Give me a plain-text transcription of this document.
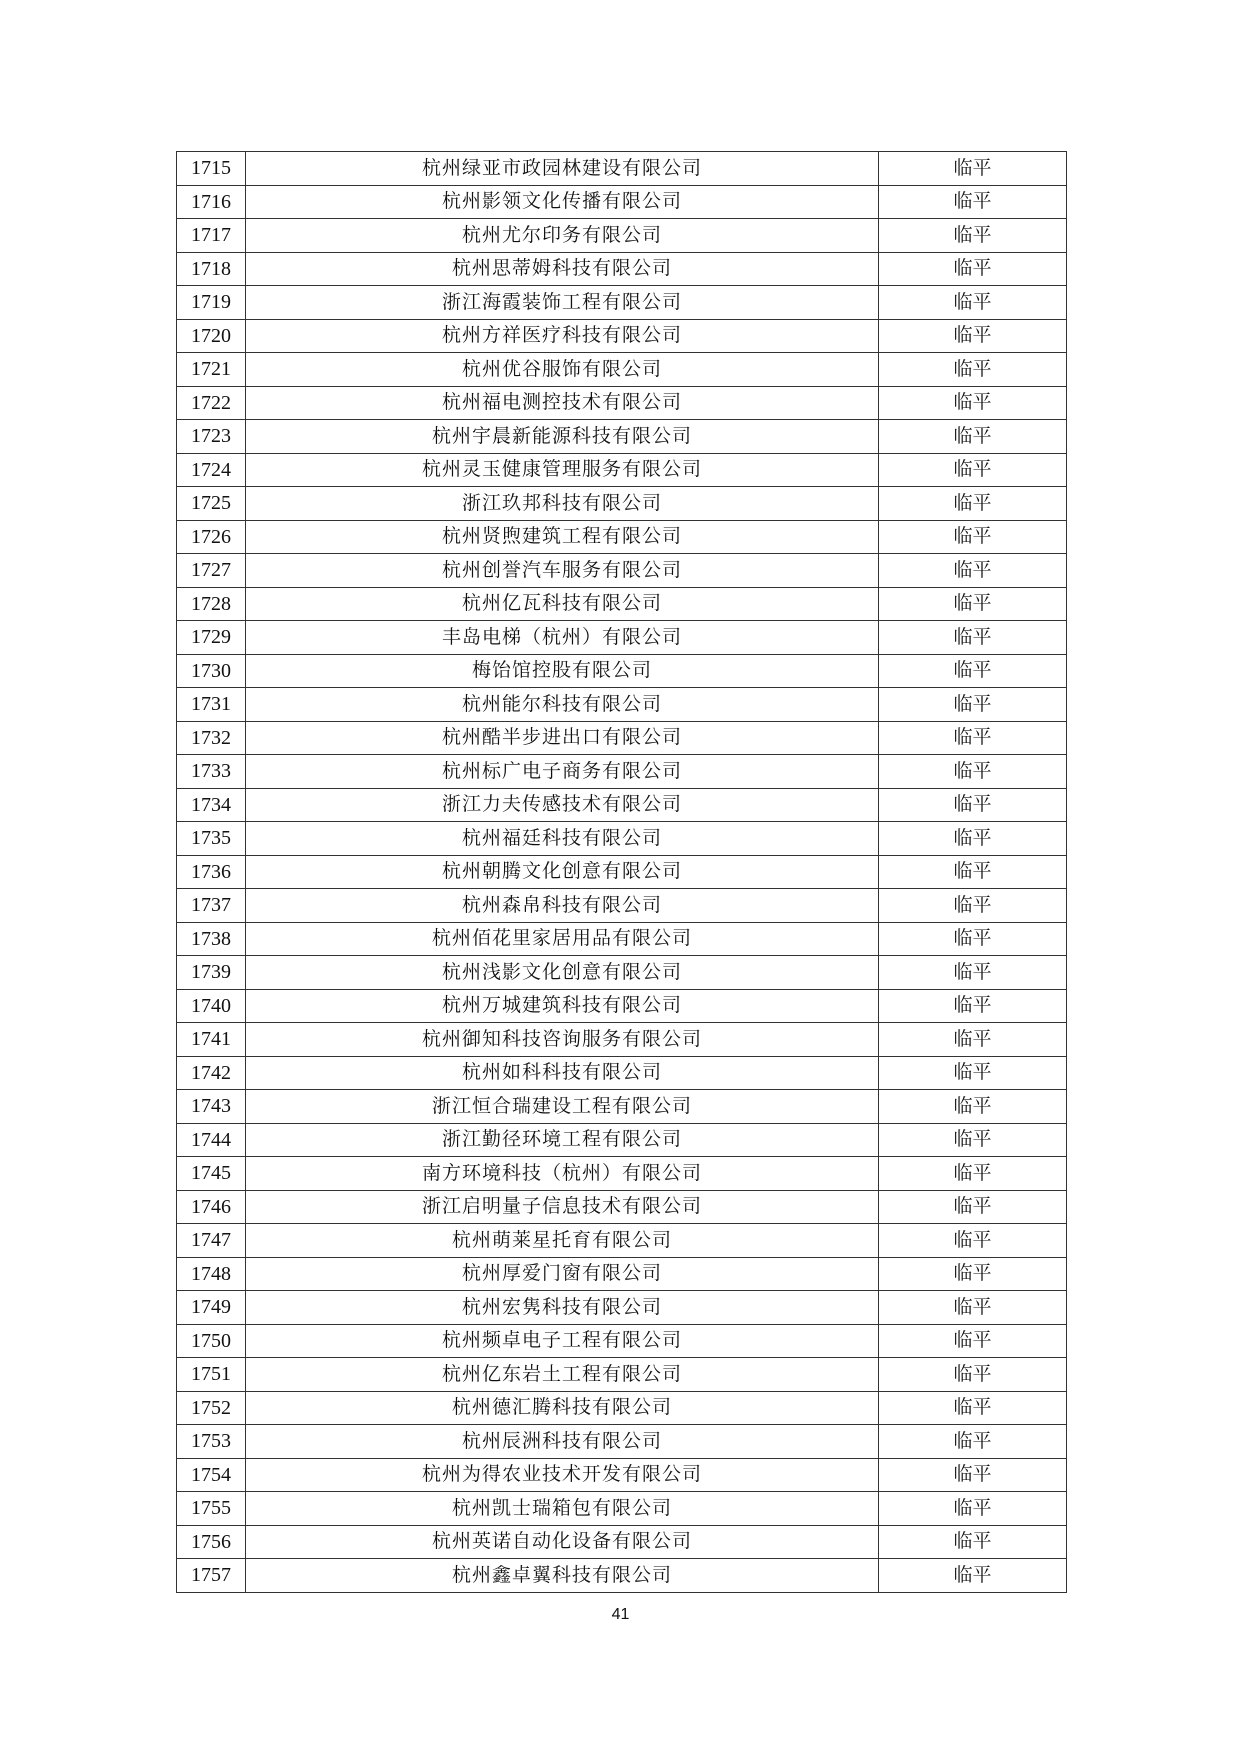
1715	杭州绿亚市政园林建设有限公司	临平
1716	杭州影领文化传播有限公司	临平
1717	杭州尤尔印务有限公司	临平
1718	杭州思蒂姆科技有限公司	临平
1719	浙江海霞装饰工程有限公司	临平
1720	杭州方祥医疗科技有限公司	临平
1721	杭州优谷服饰有限公司	临平
1722	杭州福电测控技术有限公司	临平
1723	杭州宇晨新能源科技有限公司	临平
1724	杭州灵玉健康管理服务有限公司	临平
1725	浙江玖邦科技有限公司	临平
1726	杭州贤煦建筑工程有限公司	临平
1727	杭州创誉汽车服务有限公司	临平
1728	杭州亿瓦科技有限公司	临平
1729	丰岛电梯（杭州）有限公司	临平
1730	梅饴馆控股有限公司	临平
1731	杭州能尔科技有限公司	临平
1732	杭州酷半步进出口有限公司	临平
1733	杭州标广电子商务有限公司	临平
1734	浙江力夫传感技术有限公司	临平
1735	杭州福廷科技有限公司	临平
1736	杭州朝腾文化创意有限公司	临平
1737	杭州森帛科技有限公司	临平
1738	杭州佰花里家居用品有限公司	临平
1739	杭州浅影文化创意有限公司	临平
1740	杭州万城建筑科技有限公司	临平
1741	杭州御知科技咨询服务有限公司	临平
1742	杭州如科科技有限公司	临平
1743	浙江恒合瑞建设工程有限公司	临平
1744	浙江勤径环境工程有限公司	临平
1745	南方环境科技（杭州）有限公司	临平
1746	浙江启明量子信息技术有限公司	临平
1747	杭州萌莱星托育有限公司	临平
1748	杭州厚爱门窗有限公司	临平
1749	杭州宏隽科技有限公司	临平
1750	杭州频卓电子工程有限公司	临平
1751	杭州亿东岩土工程有限公司	临平
1752	杭州德汇腾科技有限公司	临平
1753	杭州辰洲科技有限公司	临平
1754	杭州为得农业技术开发有限公司	临平
1755	杭州凯士瑞箱包有限公司	临平
1756	杭州英诺自动化设备有限公司	临平
1757	杭州鑫卓翼科技有限公司	临平
41
